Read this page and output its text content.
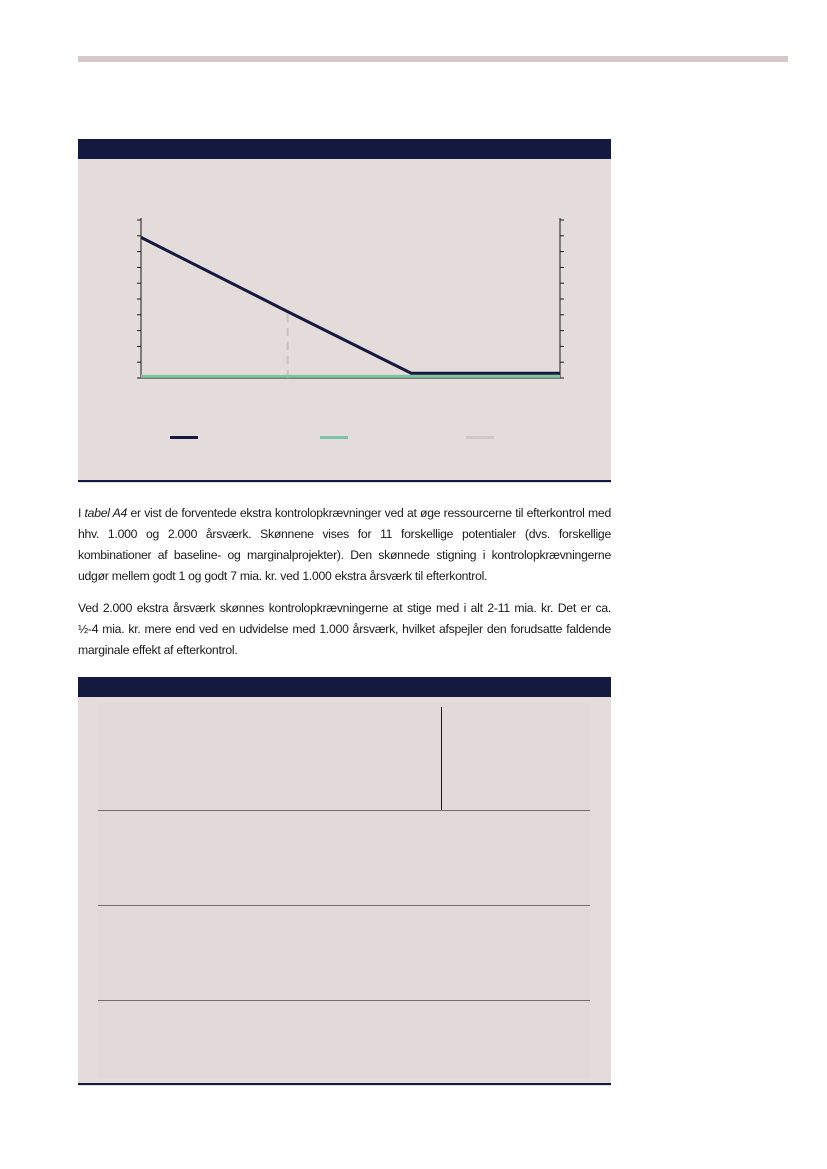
I tabel A4 er vist de forventede ekstra kontrolopkrævninger ved at øge ressourcerne til efterkontrol med hhv. 1.000 og 2.000 årsværk. Skønnene vises for 11 forskellige potentialer (dvs. forskellige kombinationer af baseline- og marginalprojekter). Den skønnede stigning i kontrolopkrævningerne udgør mellem godt 1 og godt 7 mia. kr. ved 1.000 ekstra årsværk til efterkontrol.

Ved 2.000 ekstra årsværk skønnes kontrolopkrævningerne at stige med i alt 2-11 mia. kr. Det er ca. ½-4 mia. kr. mere end ved en udvidelse med 1.000 årsværk, hvilket afspejler den forudsatte faldende marginale effekt af efterkontrol.
